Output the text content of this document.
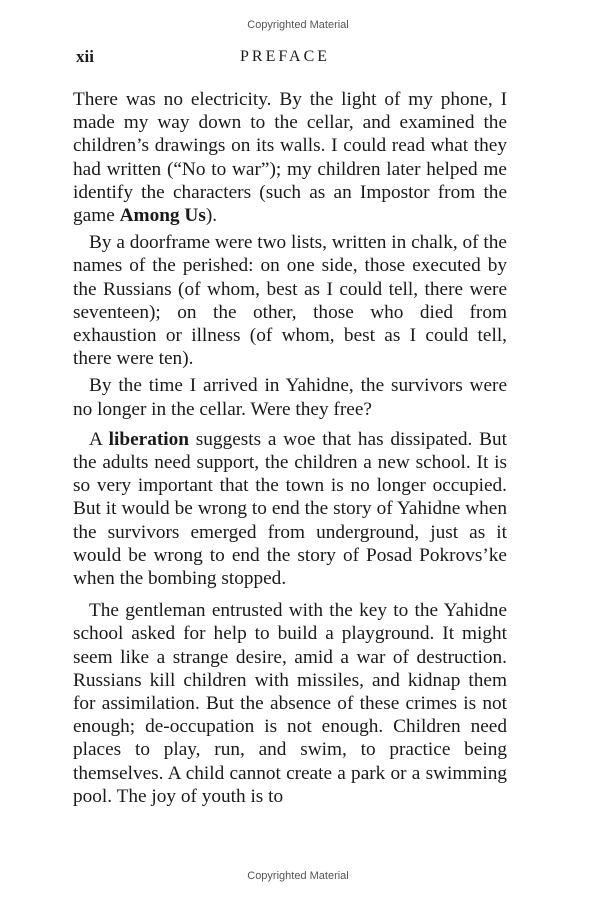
Copyrighted Material
xii	PREFACE

There was no electricity. By the light of my phone, I made my way down to the cellar, and examined the children’s drawings on its walls. I could read what they had written (“No to war”); my children later helped me identify the characters (such as an Impostor from the game Among Us).

By a doorframe were two lists, written in chalk, of the names of the perished: on one side, those executed by the Russians (of whom, best as I could tell, there were seventeen); on the other, those who died from exhaustion or illness (of whom, best as I could tell, there were ten).

By the time I arrived in Yahidne, the survivors were no longer in the cellar. Were they free?

A liberation suggests a woe that has dissipated. But the adults need support, the children a new school. It is so very important that the town is no longer occupied. But it would be wrong to end the story of Yahidne when the survivors emerged from underground, just as it would be wrong to end the story of Posad Pokrovs’ke when the bombing stopped.

The gentleman entrusted with the key to the Yahidne school asked for help to build a playground. It might seem like a strange desire, amid a war of destruction. Russians kill children with missiles, and kidnap them for assimilation. But the absence of these crimes is not enough; de-occupation is not enough. Children need places to play, run, and swim, to practice being themselves. A child cannot create a park or a swimming pool. The joy of youth is to

Copyrighted Material
